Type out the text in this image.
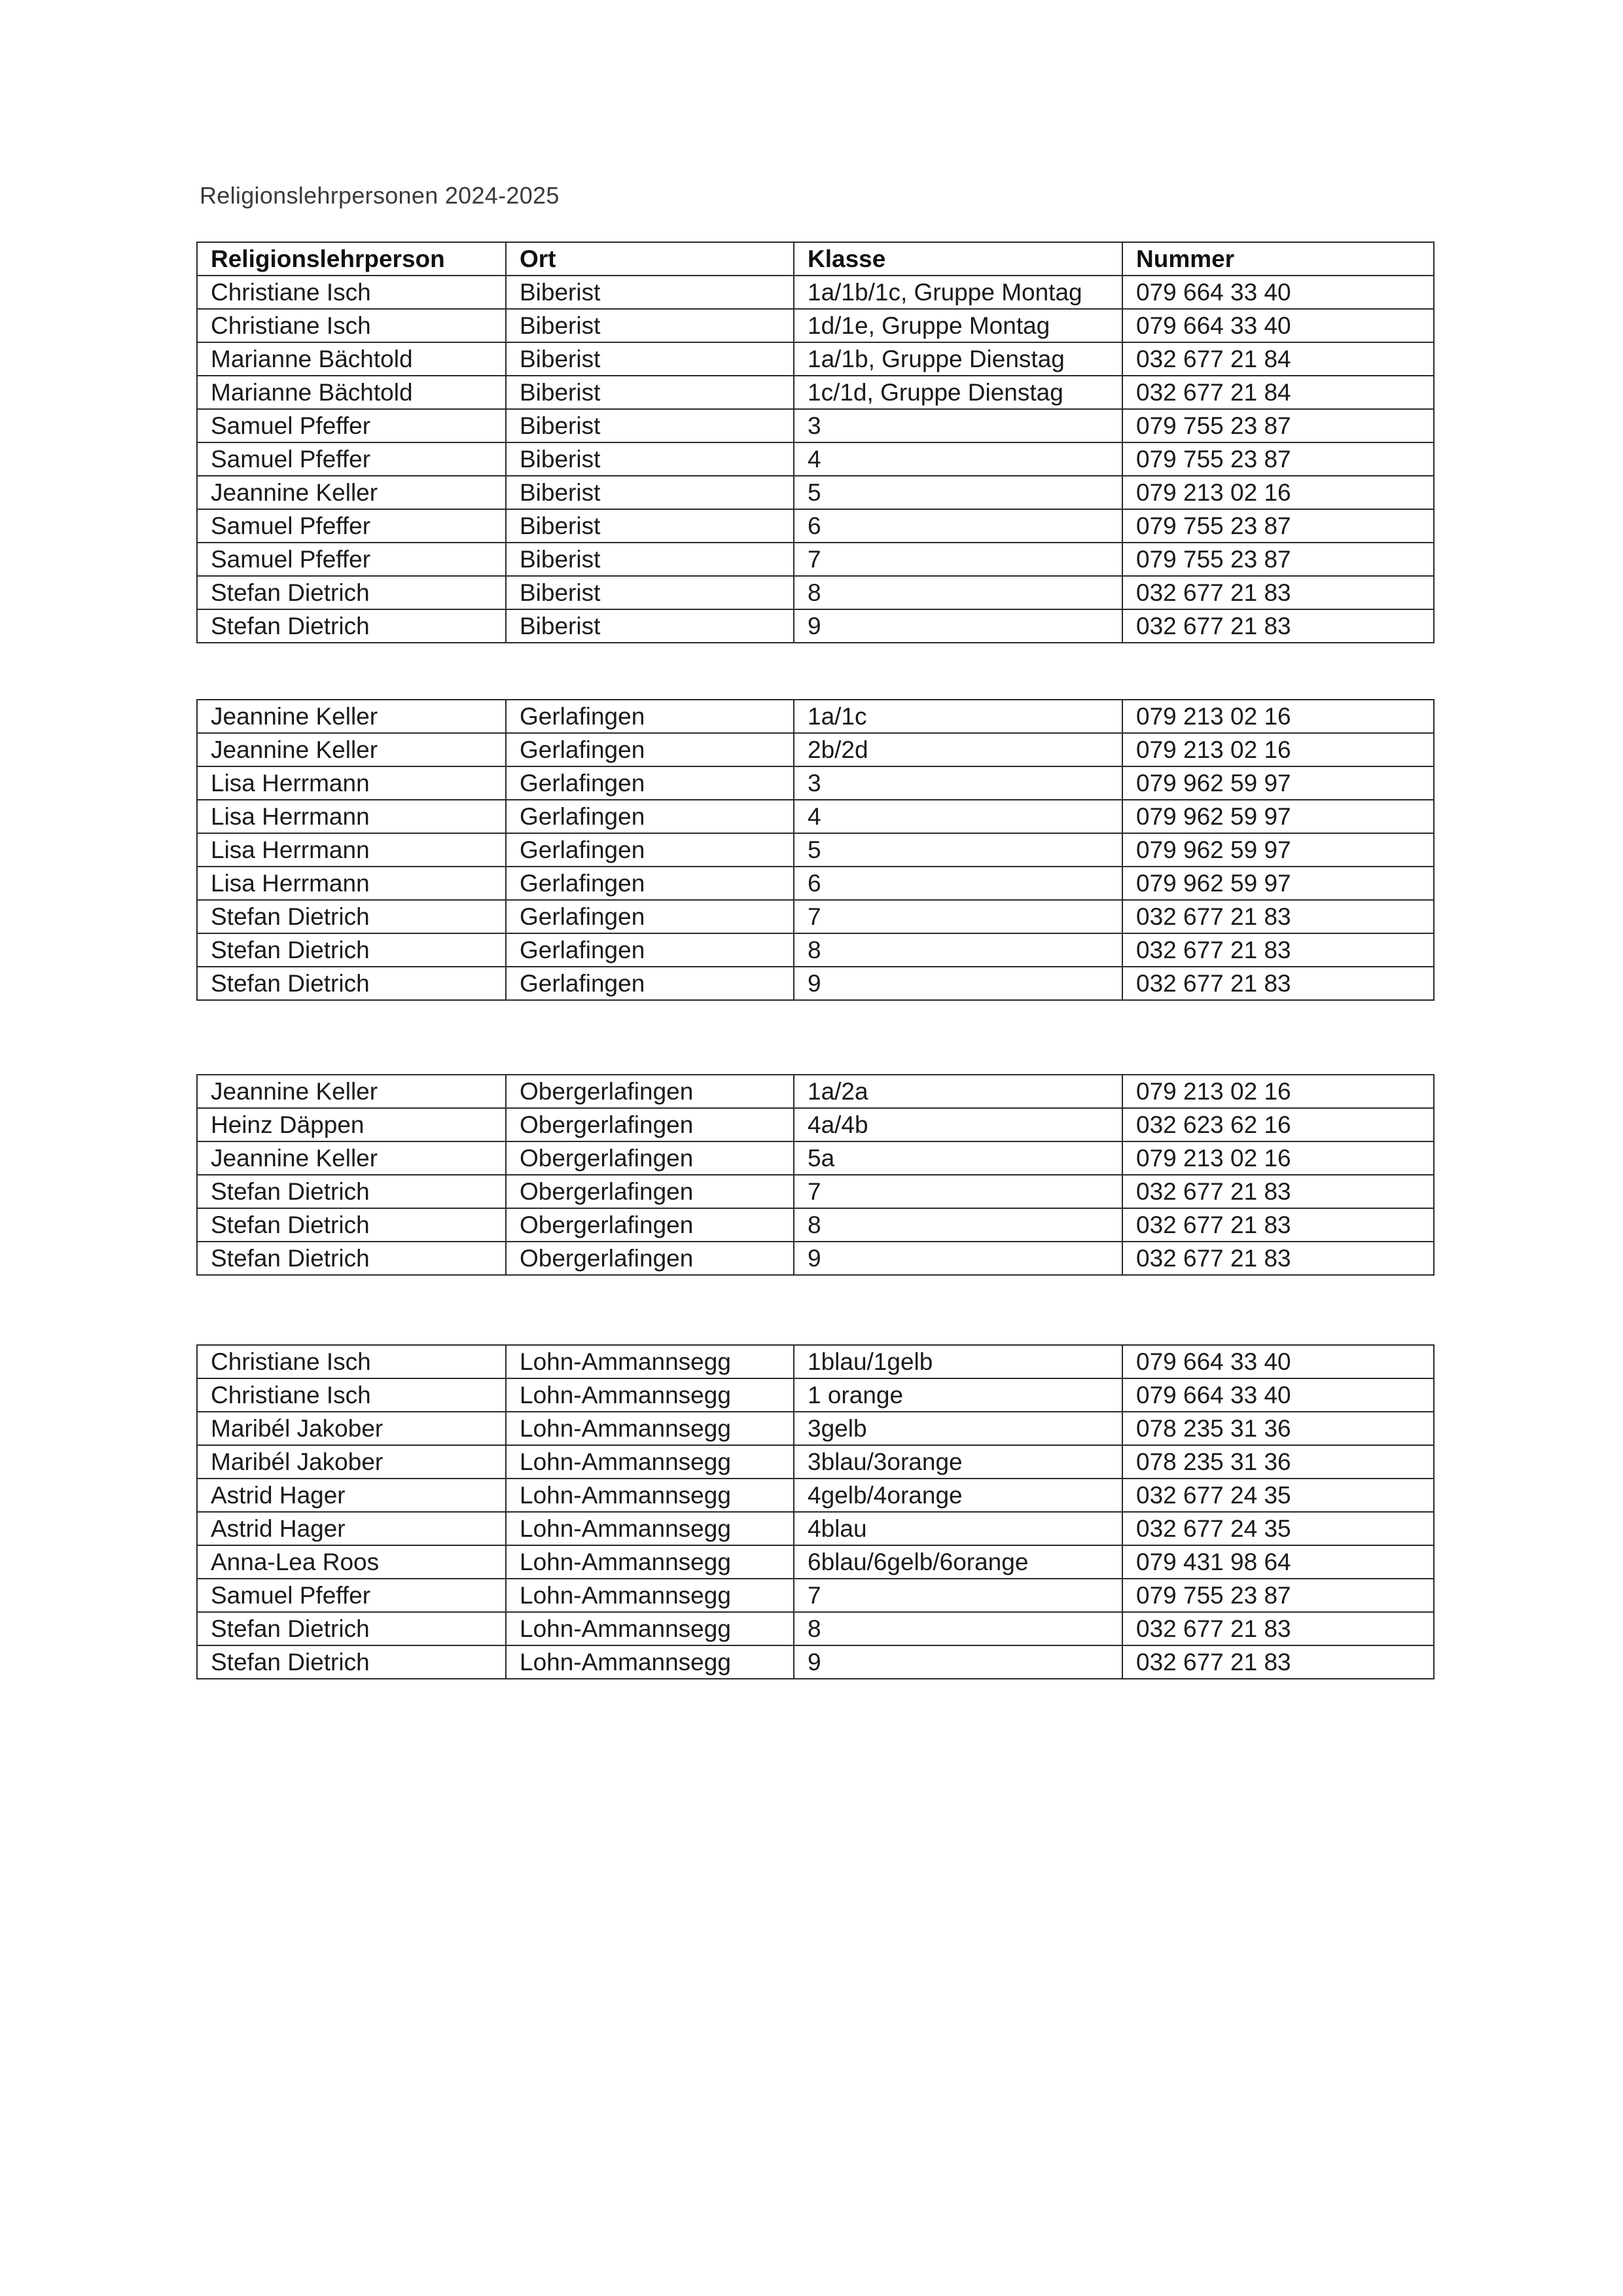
Religionslehrpersonen 2024-2025
Religionslehrperson	Ort	Klasse	Nummer
Christiane Isch	Biberist	1a/1b/1c, Gruppe Montag	079 664 33 40
Christiane Isch	Biberist	1d/1e, Gruppe Montag	079 664 33 40
Marianne Bächtold	Biberist	1a/1b, Gruppe Dienstag	032 677 21 84
Marianne Bächtold	Biberist	1c/1d, Gruppe Dienstag	032 677 21 84
Samuel Pfeffer	Biberist	3	079 755 23 87
Samuel Pfeffer	Biberist	4	079 755 23 87
Jeannine Keller	Biberist	5	079 213 02 16
Samuel Pfeffer	Biberist	6	079 755 23 87
Samuel Pfeffer	Biberist	7	079 755 23 87
Stefan Dietrich	Biberist	8	032 677 21 83
Stefan Dietrich	Biberist	9	032 677 21 83
Jeannine Keller	Gerlafingen	1a/1c	079 213 02 16
Jeannine Keller	Gerlafingen	2b/2d	079 213 02 16
Lisa Herrmann	Gerlafingen	3	079 962 59 97
Lisa Herrmann	Gerlafingen	4	079 962 59 97
Lisa Herrmann	Gerlafingen	5	079 962 59 97
Lisa Herrmann	Gerlafingen	6	079 962 59 97
Stefan Dietrich	Gerlafingen	7	032 677 21 83
Stefan Dietrich	Gerlafingen	8	032 677 21 83
Stefan Dietrich	Gerlafingen	9	032 677 21 83
Jeannine Keller	Obergerlafingen	1a/2a	079 213 02 16
Heinz Däppen	Obergerlafingen	4a/4b	032 623 62 16
Jeannine Keller	Obergerlafingen	5a	079 213 02 16
Stefan Dietrich	Obergerlafingen	7	032 677 21 83
Stefan Dietrich	Obergerlafingen	8	032 677 21 83
Stefan Dietrich	Obergerlafingen	9	032 677 21 83
Christiane Isch	Lohn-Ammannsegg	1blau/1gelb	079 664 33 40
Christiane Isch	Lohn-Ammannsegg	1 orange	079 664 33 40
Maribél Jakober	Lohn-Ammannsegg	3gelb	078 235 31 36
Maribél Jakober	Lohn-Ammannsegg	3blau/3orange	078 235 31 36
Astrid Hager	Lohn-Ammannsegg	4gelb/4orange	032 677 24 35
Astrid Hager	Lohn-Ammannsegg	4blau	032 677 24 35
Anna-Lea Roos	Lohn-Ammannsegg	6blau/6gelb/6orange	079 431 98 64
Samuel Pfeffer	Lohn-Ammannsegg	7	079 755 23 87
Stefan Dietrich	Lohn-Ammannsegg	8	032 677 21 83
Stefan Dietrich	Lohn-Ammannsegg	9	032 677 21 83
